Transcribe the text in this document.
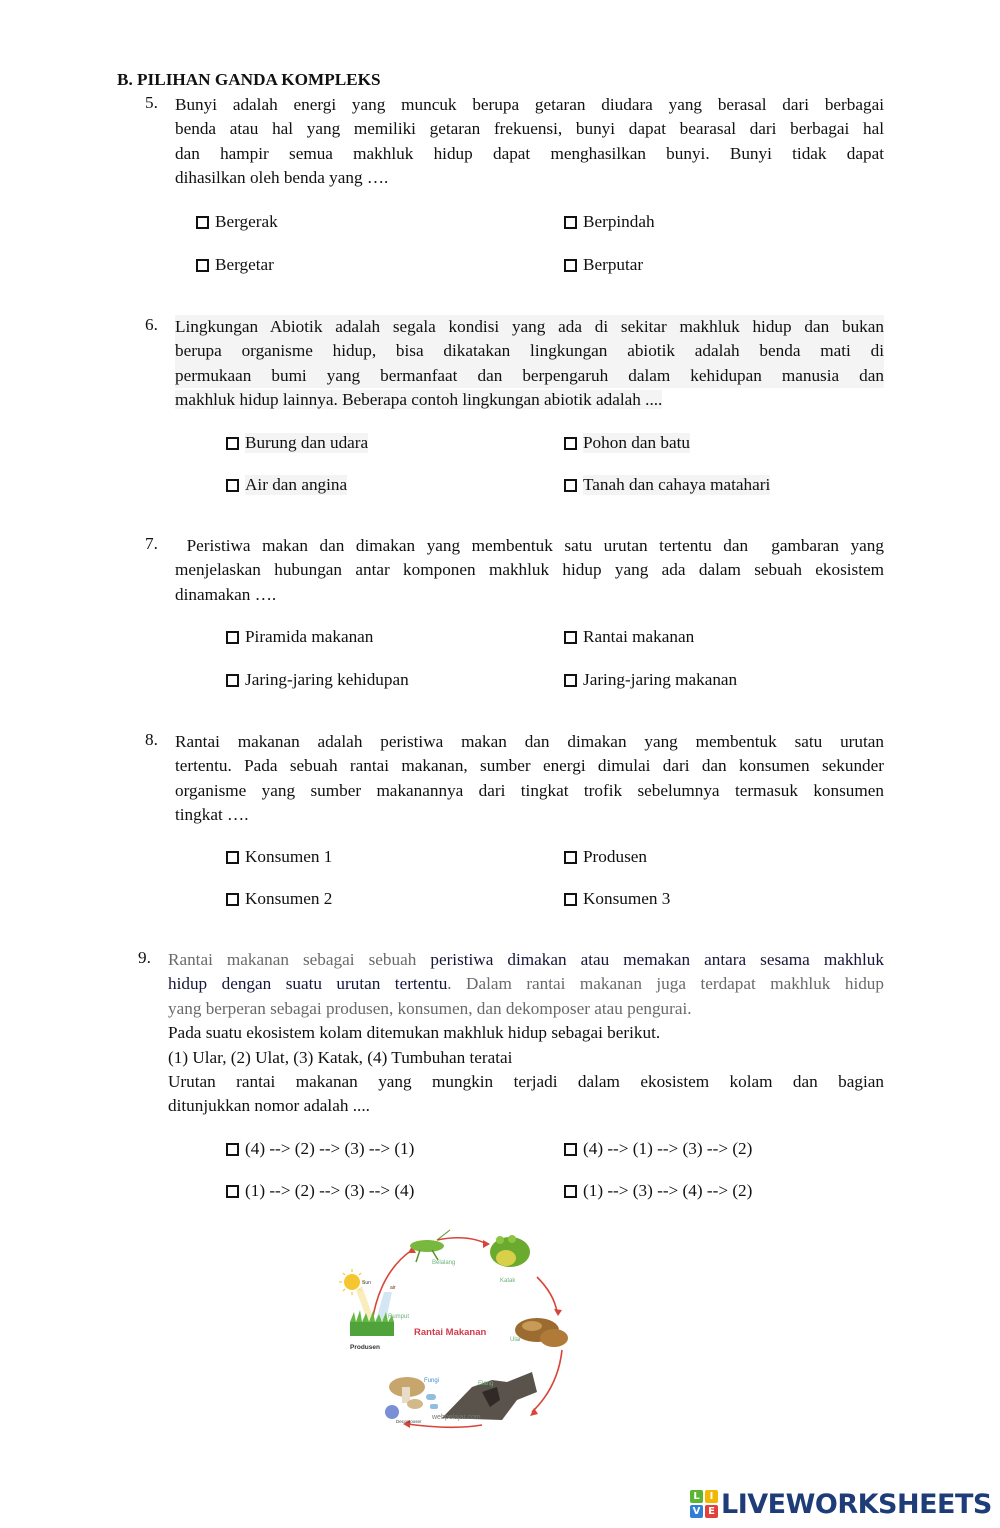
B. PILIHAN GANDA KOMPLEKS
5. Bunyi adalah energi yang muncuk berupa getaran diudara yang berasal dari berbagai

benda atau hal yang memiliki getaran frekuensi, bunyi dapat bearasal dari berbagai hal

dan hampir semua makhluk hidup dapat menghasilkan bunyi. Bunyi tidak dapat

dihasilkan oleh benda yang ….

Bergerak	Berpindah
Bergetar	Berputar
6. Lingkungan Abiotik adalah segala kondisi yang ada di sekitar makhluk hidup dan bukan

berupa organisme hidup, bisa dikatakan lingkungan abiotik adalah benda mati di

permukaan bumi yang bermanfaat dan berpengaruh dalam kehidupan manusia dan

makhluk hidup lainnya. Beberapa contoh lingkungan abiotik adalah ....

Burung dan udara	Pohon dan batu
Air dan angina	Tanah dan cahaya matahari
7. Peristiwa makan dan dimakan yang membentuk satu urutan tertentu dan  gambaran yang

menjelaskan hubungan antar komponen makhluk hidup yang ada dalam sebuah ekosistem

dinamakan ….

Piramida makanan	Rantai makanan
Jaring-jaring kehidupan	Jaring-jaring makanan
8. Rantai makanan adalah peristiwa makan dan dimakan yang membentuk satu urutan

tertentu. Pada sebuah rantai makanan, sumber energi dimulai dari dan konsumen sekunder

organisme yang sumber makanannya dari tingkat trofik sebelumnya termasuk konsumen

tingkat ….

Konsumen 1	Produsen
Konsumen 2	Konsumen 3
9. Rantai makanan sebagai sebuah peristiwa dimakan atau memakan antara sesama makhluk

hidup dengan suatu urutan tertentu. Dalam rantai makanan juga terdapat makhluk hidup

yang berperan sebagai produsen, konsumen, dan dekomposer atau pengurai.

Pada suatu ekosistem kolam ditemukan makhluk hidup sebagai berikut.

(1) Ular, (2) Ulat, (3) Katak, (4) Tumbuhan teratai

Urutan rantai makanan yang mungkin terjadi dalam ekosistem kolam dan bagian

ditunjukkan nomor adalah ....

(4) --> (2) --> (3) --> (1)	(4) --> (1) --> (3) --> (2)
(1) --> (2) --> (3) --> (4)	(1) --> (3) --> (4) --> (2)
Belalang
Katak
Ular
Elang
Rumput
Fungi
Sun
air
Decomposer
webpelajar.com
Produsen
Rantai Makanan
L I
V E LIVEWORKSHEETS
